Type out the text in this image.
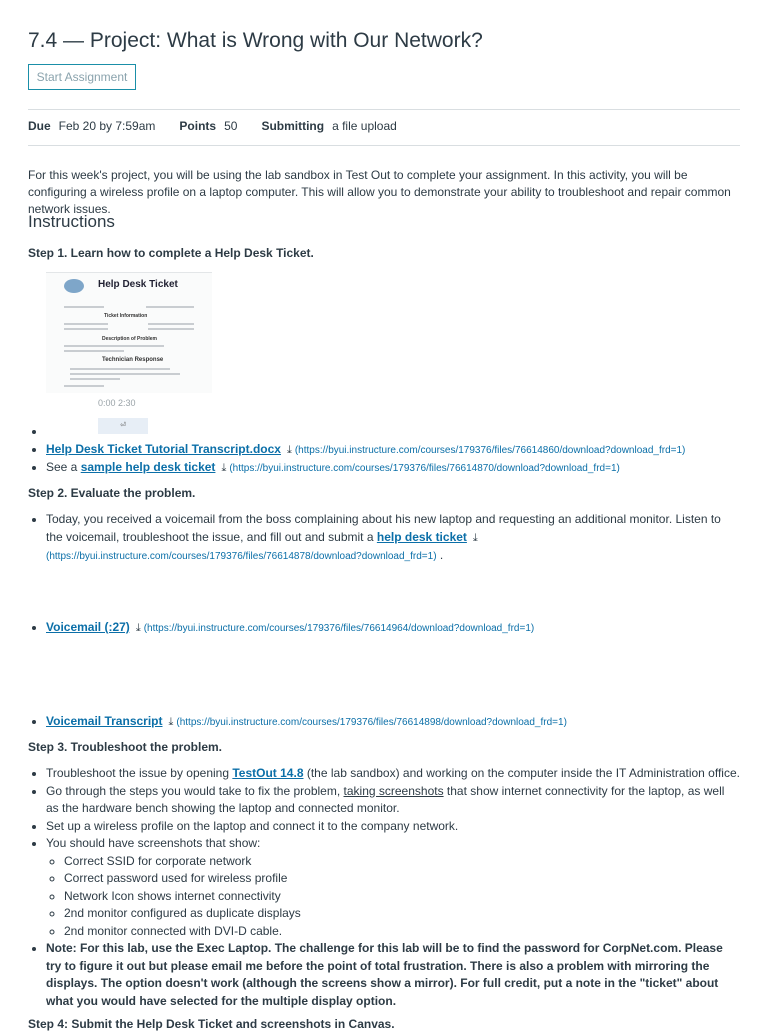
7.4 — Project: What is Wrong with Our Network?
Start Assignment
Due Feb 20 by 7:59am Points 50 Submitting a file upload
For this week's project, you will be using the lab sandbox in Test Out to complete your assignment. In this activity, you will be configuring a wireless profile on a laptop computer. This will allow you to demonstrate your ability to troubleshoot and repair common network issues.
Instructions
Step 1. Learn how to complete a Help Desk Ticket.
Help Desk Ticket
Ticket Information
Description of Problem
Technician Response
0:00 2:30
⏎
•
• Help Desk Ticket Tutorial Transcript.docx ⤓ (https://byui.instructure.com/courses/179376/files/76614860/download?download_frd=1)
• See a sample help desk ticket ⤓ (https://byui.instructure.com/courses/179376/files/76614870/download?download_frd=1)
Step 2. Evaluate the problem.
• Today, you received a voicemail from the boss complaining about his new laptop and requesting an additional monitor. Listen to the voicemail, troubleshoot the issue, and fill out and submit a help desk ticket ⤓
(https://byui.instructure.com/courses/179376/files/76614878/download?download_frd=1) .
• Voicemail (:27) ⤓ (https://byui.instructure.com/courses/179376/files/76614964/download?download_frd=1)
• Voicemail Transcript ⤓ (https://byui.instructure.com/courses/179376/files/76614898/download?download_frd=1)
Step 3. Troubleshoot the problem.
• Troubleshoot the issue by opening TestOut 14.8 (the lab sandbox) and working on the computer inside the IT Administration office.
• Go through the steps you would take to fix the problem, taking screenshots that show internet connectivity for the laptop, as well as the hardware bench showing the laptop and connected monitor.
• Set up a wireless profile on the laptop and connect it to the company network.
• You should have screenshots that show:
◦ Correct SSID for corporate network
◦ Correct password used for wireless profile
◦ Network Icon shows internet connectivity
◦ 2nd monitor configured as duplicate displays
◦ 2nd monitor connected with DVI-D cable.
• Note: For this lab, use the Exec Laptop. The challenge for this lab will be to find the password for CorpNet.com. Please try to figure it out but please email me before the point of total frustration. There is also a problem with mirroring the displays. The option doesn't work (although the screens show a mirror). For full credit, put a note in the "ticket" about what you would have selected for the multiple display option.
Step 4: Submit the Help Desk Ticket and screenshots in Canvas.
